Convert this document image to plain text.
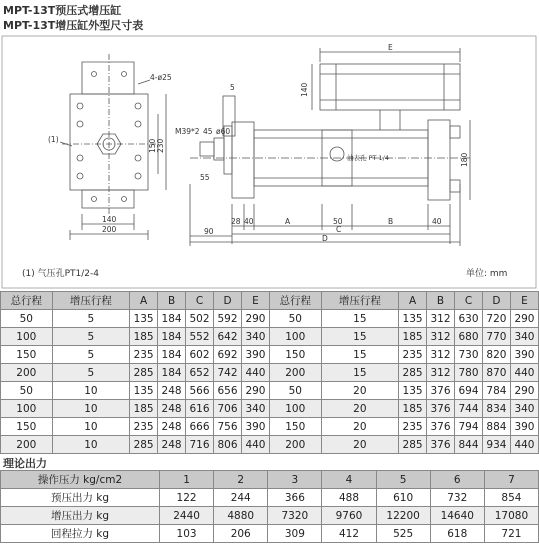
MPT-13T预压式增压缸
MPT-13T增压缸外型尺寸表
140
200
150 230
4-ø25
(1)
5
M39*2 45 ø60
55
90
28 40	A	50	B	40
C
D
E
140
180
油表孔 PT 1/4
(1) 气压孔PT1/2-4	单位: mm
总行程	增压行程	A	B	C	D	E	总行程	增压行程	A	B	C	D	E
50	5	135	184	502	592	290	50	15	135	312	630	720	290
100	5	185	184	552	642	340	100	15	185	312	680	770	340
150	5	235	184	602	692	390	150	15	235	312	730	820	390
200	5	285	184	652	742	440	200	15	285	312	780	870	440
50	10	135	248	566	656	290	50	20	135	376	694	784	290
100	10	185	248	616	706	340	100	20	185	376	744	834	340
150	10	235	248	666	756	390	150	20	235	376	794	884	390
200	10	285	248	716	806	440	200	20	285	376	844	934	440
理论出力
操作压力 kg/cm2	1	2	3	4	5	6	7
预压出力 kg	122	244	366	488	610	732	854
增压出力 kg	2440	4880	7320	9760	12200	14640	17080
回程拉力 kg	103	206	309	412	525	618	721
